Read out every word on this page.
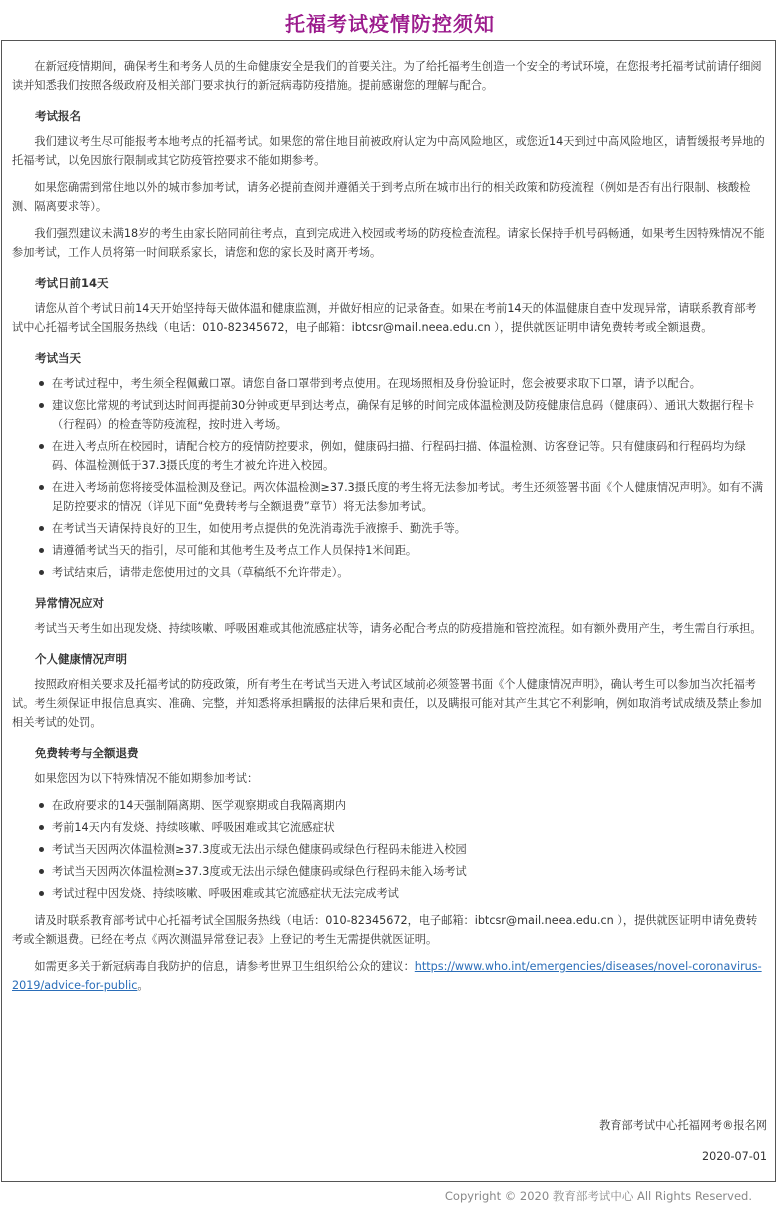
托福考试疫情防控须知

在新冠疫情期间，确保考生和考务人员的生命健康安全是我们的首要关注。为了给托福考生创造一个安全的考试环境，在您报考托福考试前请仔细阅读并知悉我们按照各级政府及相关部门要求执行的新冠病毒防疫措施。提前感谢您的理解与配合。

考试报名

我们建议考生尽可能报考本地考点的托福考试。如果您的常住地目前被政府认定为中高风险地区，或您近14天到过中高风险地区，请暂缓报考异地的托福考试，以免因旅行限制或其它防疫管控要求不能如期参考。

如果您确需到常住地以外的城市参加考试，请务必提前查阅并遵循关于到考点所在城市出行的相关政策和防疫流程（例如是否有出行限制、核酸检测、隔离要求等）。

我们强烈建议未满18岁的考生由家长陪同前往考点，直到完成进入校园或考场的防疫检查流程。请家长保持手机号码畅通，如果考生因特殊情况不能参加考试，工作人员将第一时间联系家长，请您和您的家长及时离开考场。

考试日前14天

请您从首个考试日前14天开始坚持每天做体温和健康监测，并做好相应的记录备查。如果在考前14天的体温健康自查中发现异常，请联系教育部考试中心托福考试全国服务热线（电话：010-82345672，电子邮箱：ibtcsr@mail.neea.edu.cn ），提供就医证明申请免费转考或全额退费。

考试当天
在考试过程中，考生须全程佩戴口罩。请您自备口罩带到考点使用。在现场照相及身份验证时，您会被要求取下口罩，请予以配合。
建议您比常规的考试到达时间再提前30分钟或更早到达考点，确保有足够的时间完成体温检测及防疫健康信息码（健康码）、通讯大数据行程卡（行程码）的检查等防疫流程，按时进入考场。
在进入考点所在校园时，请配合校方的疫情防控要求，例如，健康码扫描、行程码扫描、体温检测、访客登记等。只有健康码和行程码均为绿码、体温检测低于37.3摄氏度的考生才被允许进入校园。
在进入考场前您将接受体温检测及登记。两次体温检测≥37.3摄氏度的考生将无法参加考试。考生还须签署书面《个人健康情况声明》。如有不满足防控要求的情况（详见下面“免费转考与全额退费”章节）将无法参加考试。
在考试当天请保持良好的卫生，如使用考点提供的免洗消毒洗手液擦手、勤洗手等。
请遵循考试当天的指引，尽可能和其他考生及考点工作人员保持1米间距。
考试结束后，请带走您使用过的文具（草稿纸不允许带走）。
异常情况应对

考试当天考生如出现发烧、持续咳嗽、呼吸困难或其他流感症状等，请务必配合考点的防疫措施和管控流程。如有额外费用产生，考生需自行承担。

个人健康情况声明

按照政府相关要求及托福考试的防疫政策，所有考生在考试当天进入考试区域前必须签署书面《个人健康情况声明》，确认考生可以参加当次托福考试。考生须保证申报信息真实、准确、完整，并知悉将承担瞒报的法律后果和责任，以及瞒报可能对其产生其它不利影响，例如取消考试成绩及禁止参加相关考试的处罚。

免费转考与全额退费

如果您因为以下特殊情况不能如期参加考试：

在政府要求的14天强制隔离期、医学观察期或自我隔离期内
考前14天内有发烧、持续咳嗽、呼吸困难或其它流感症状
考试当天因两次体温检测≥37.3度或无法出示绿色健康码或绿色行程码未能进入校园
考试当天因两次体温检测≥37.3度或无法出示绿色健康码或绿色行程码未能入场考试
考试过程中因发烧、持续咳嗽、呼吸困难或其它流感症状无法完成考试

请及时联系教育部考试中心托福考试全国服务热线（电话：010-82345672，电子邮箱：ibtcsr@mail.neea.edu.cn ），提供就医证明申请免费转考或全额退费。已经在考点《两次测温异常登记表》上登记的考生无需提供就医证明。

如需更多关于新冠病毒自我防护的信息，请参考世界卫生组织给公众的建议：https://www.who.int/emergencies/diseases/novel-coronavirus-2019/advice-for-public。

教育部考试中心托福网考®报名网
2020-07-01
Copyright © 2020 教育部考试中心 All Rights Reserved.
